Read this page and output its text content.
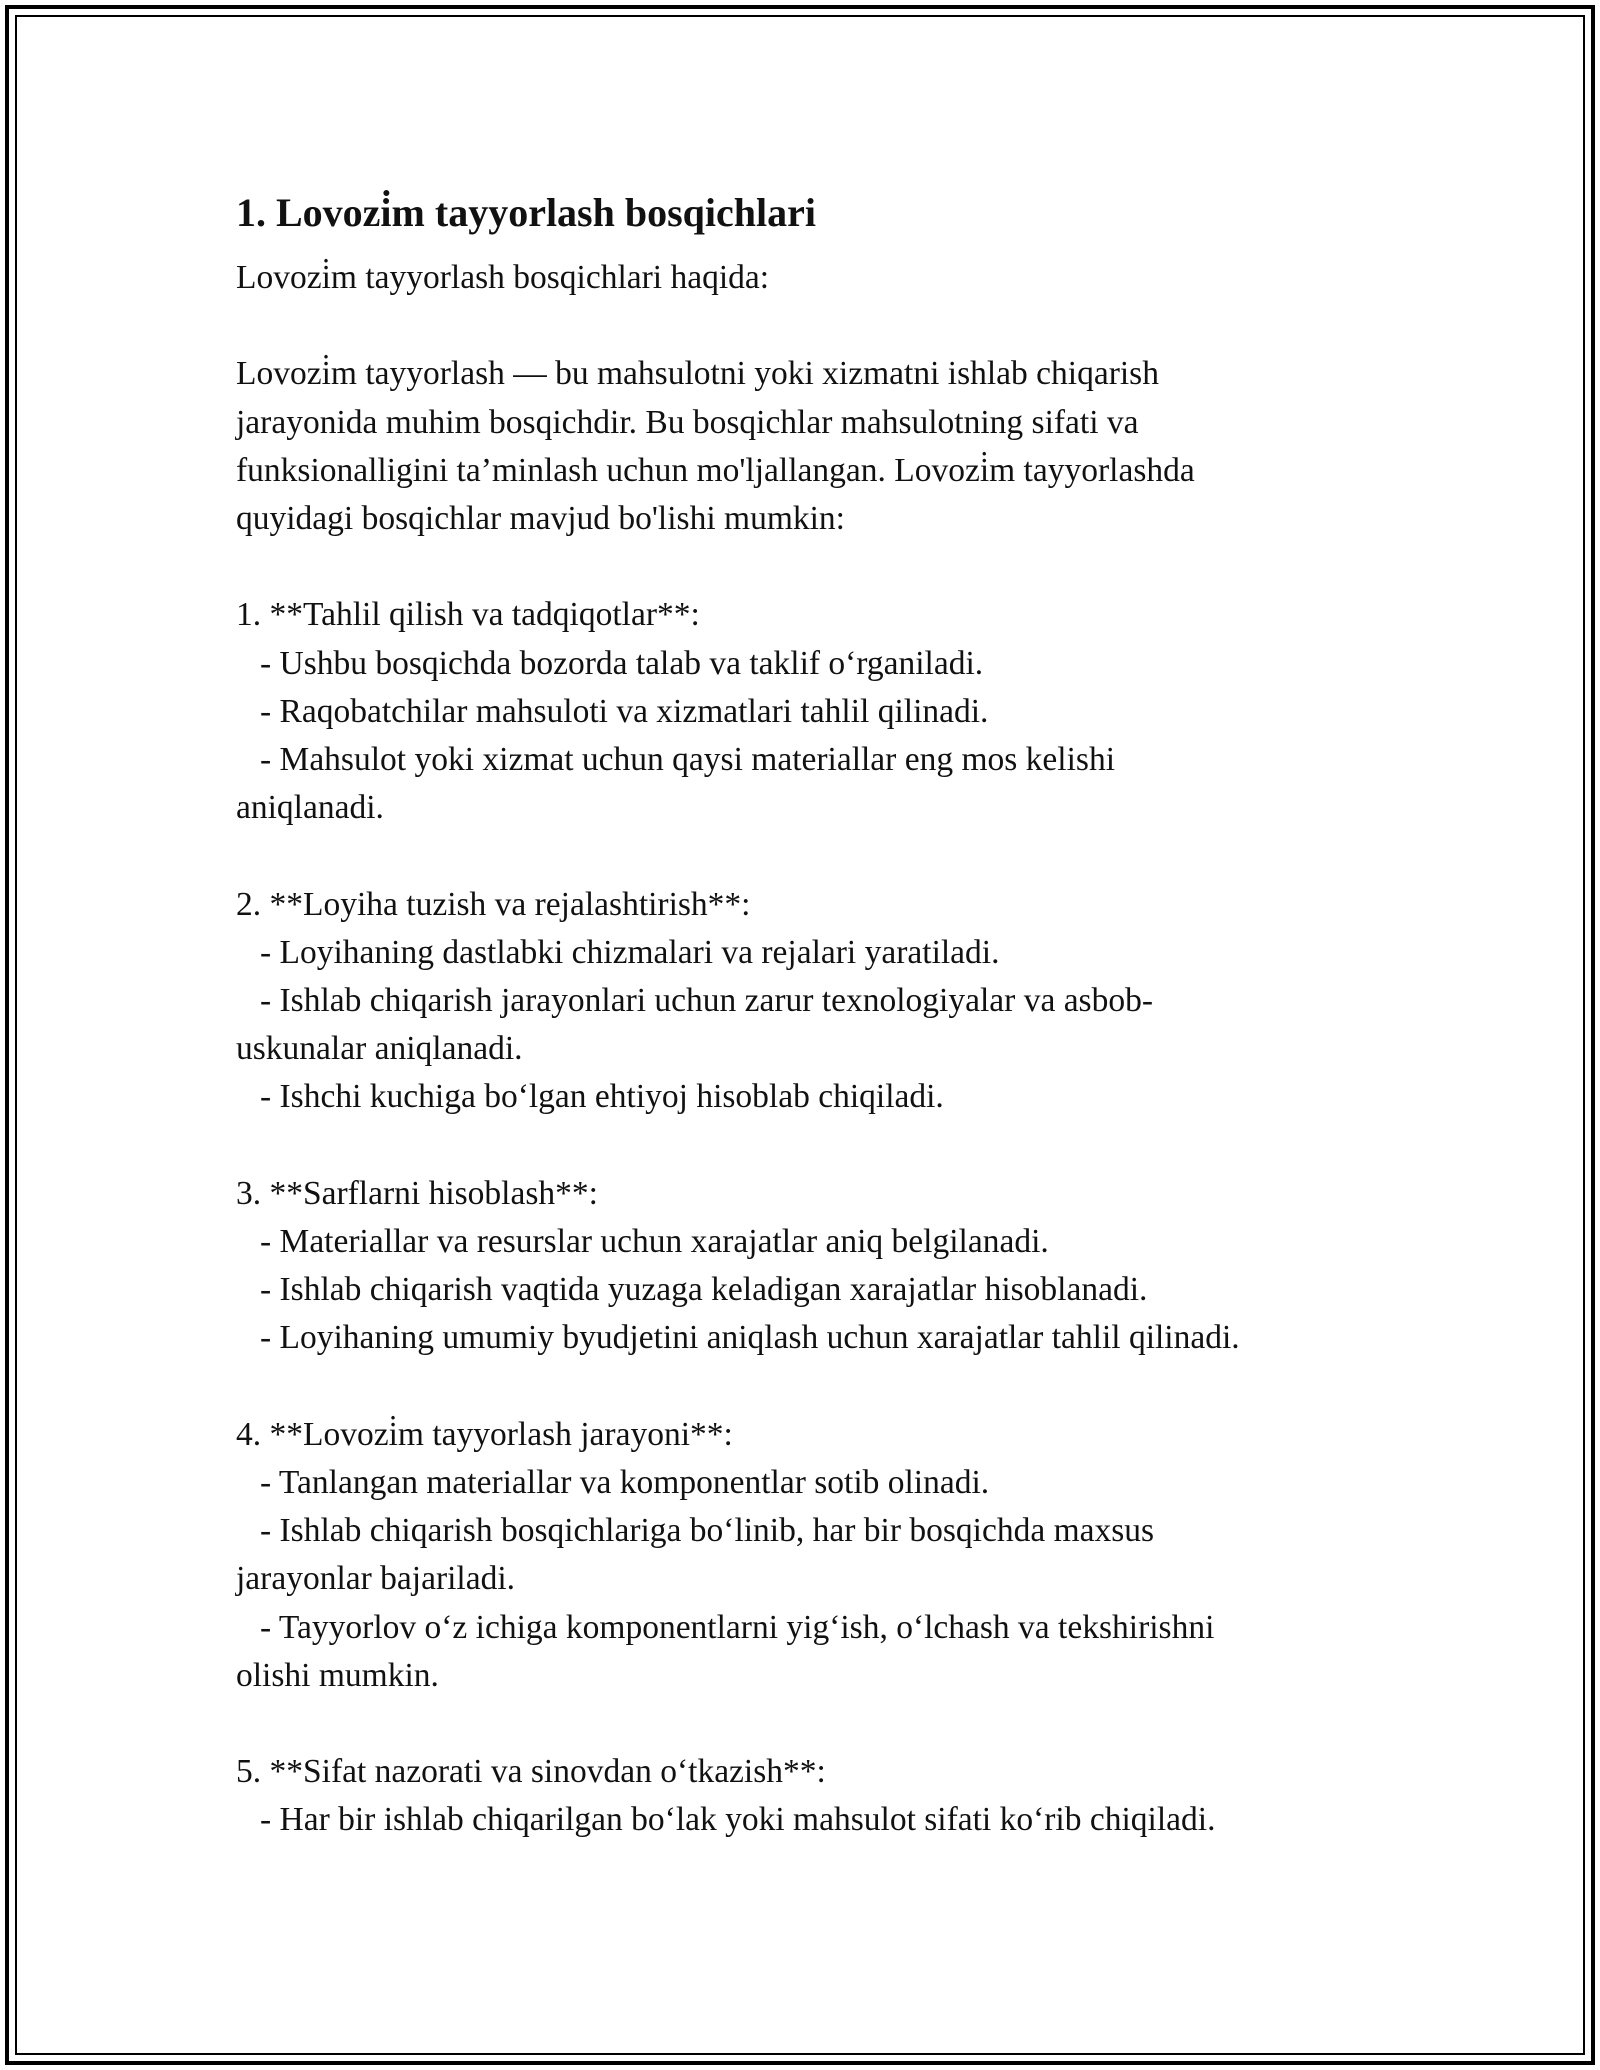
1. Lovozi̇m tayyorlash bosqichlari

Lovozi̇m tayyorlash bosqichlari haqida:

Lovozi̇m tayyorlash — bu mahsulotni yoki xizmatni ishlab chiqarish

jarayonida muhim bosqichdir. Bu bosqichlar mahsulotning sifati va

funksionalligini ta’minlash uchun mo'ljallangan. Lovozi̇m tayyorlashda

quyidagi bosqichlar mavjud bo'lishi mumkin:

1. **Tahlil qilish va tadqiqotlar**:

- Ushbu bosqichda bozorda talab va taklif o‘rganiladi.

- Raqobatchilar mahsuloti va xizmatlari tahlil qilinadi.

- Mahsulot yoki xizmat uchun qaysi materiallar eng mos kelishi

aniqlanadi.

2. **Loyiha tuzish va rejalashtirish**:

- Loyihaning dastlabki chizmalari va rejalari yaratiladi.

- Ishlab chiqarish jarayonlari uchun zarur texnologiyalar va asbob-

uskunalar aniqlanadi.

- Ishchi kuchiga bo‘lgan ehtiyoj hisoblab chiqiladi.

3. **Sarflarni hisoblash**:

- Materiallar va resurslar uchun xarajatlar aniq belgilanadi.

- Ishlab chiqarish vaqtida yuzaga keladigan xarajatlar hisoblanadi.

- Loyihaning umumiy byudjetini aniqlash uchun xarajatlar tahlil qilinadi.

4. **Lovozi̇m tayyorlash jarayoni**:

- Tanlangan materiallar va komponentlar sotib olinadi.

- Ishlab chiqarish bosqichlariga bo‘linib, har bir bosqichda maxsus

jarayonlar bajariladi.

- Tayyorlov o‘z ichiga komponentlarni yig‘ish, o‘lchash va tekshirishni

olishi mumkin.

5. **Sifat nazorati va sinovdan o‘tkazish**:

- Har bir ishlab chiqarilgan bo‘lak yoki mahsulot sifati ko‘rib chiqiladi.
